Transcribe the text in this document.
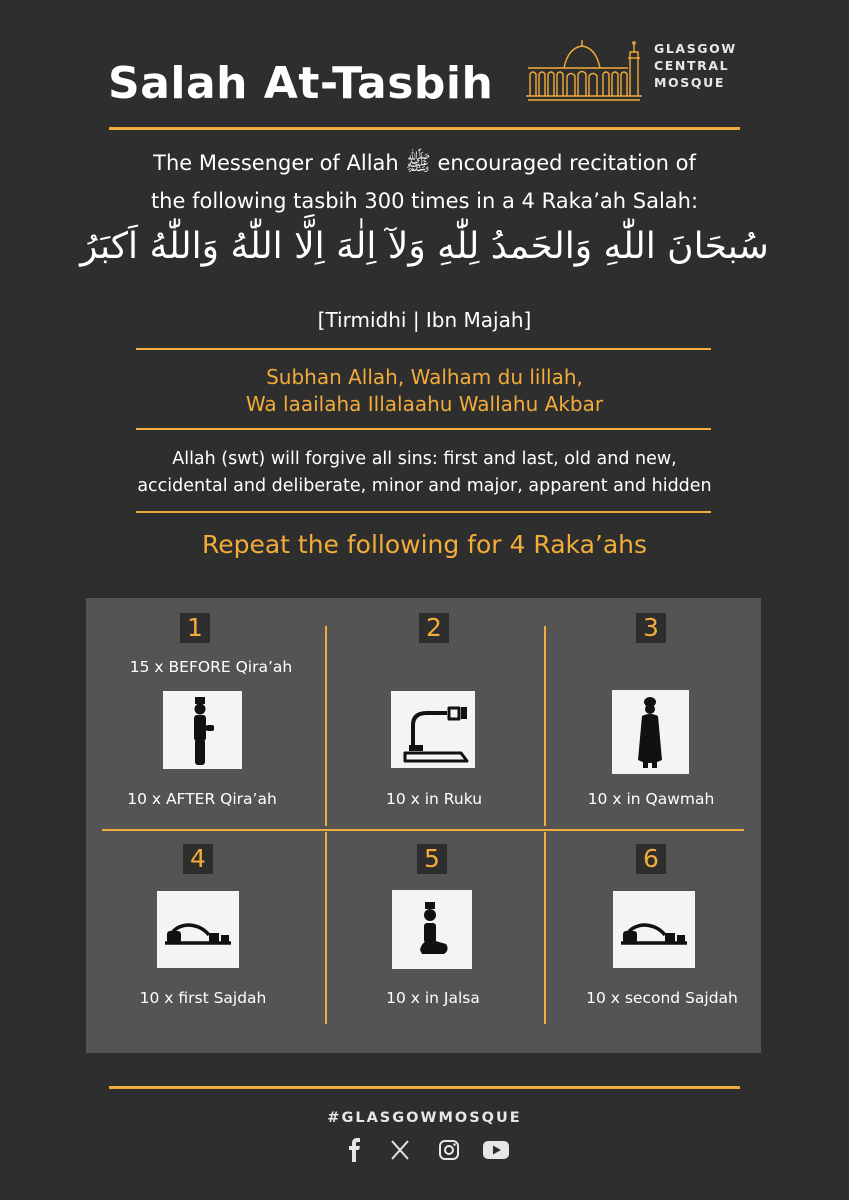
Salah At-Tasbih
GLASGOW
CENTRAL
MOSQUE
The Messenger of Allah ﷺ encouraged recitation of
the following tasbih 300 times in a 4 Raka’ah Salah:
سُبحَانَ اللّٰهِ وَالحَمدُ لِلّٰهِ وَلآ اِلٰهَ اِلَّا اللّٰهُ وَاللّٰهُ اَكبَرُ
[Tirmidhi | Ibn Majah]
Subhan Allah, Walham du lillah,
Wa laailaha Illalaahu Wallahu Akbar
Allah (swt) will forgive all sins: first and last, old and new,
accidental and deliberate, minor and major, apparent and hidden
Repeat the following for 4 Raka’ahs
1
15 x BEFORE Qira’ah
10 x AFTER Qira’ah
2
10 x in Ruku
3
10 x in Qawmah
4
10 x first Sajdah
5
10 x in Jalsa
6
10 x second Sajdah
#GLASGOWMOSQUE
